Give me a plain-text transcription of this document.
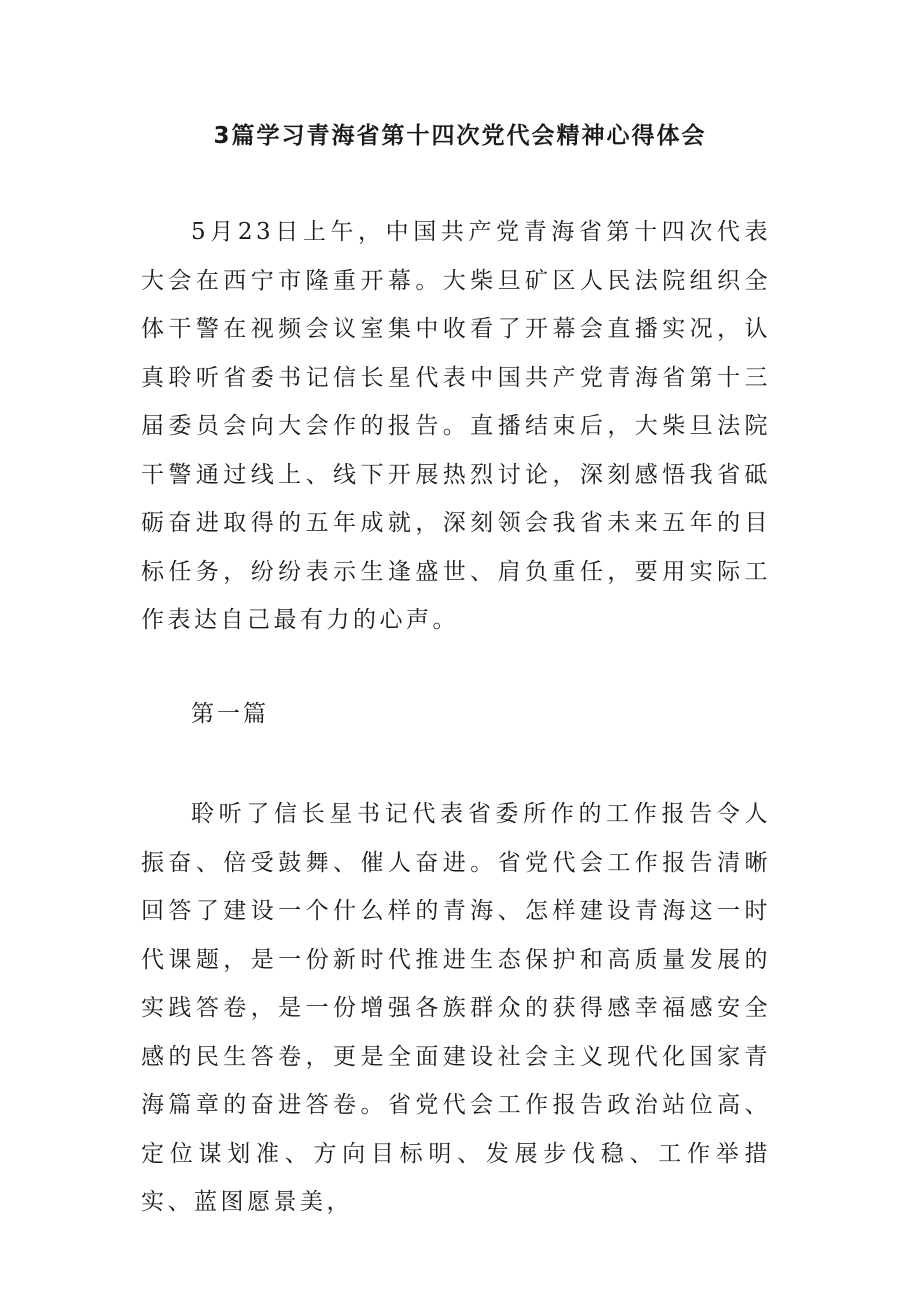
3篇学习青海省第十四次党代会精神心得体会

5月23日上午，中国共产党青海省第十四次代表大会在西宁市隆重开幕。大柴旦矿区人民法院组织全体干警在视频会议室集中收看了开幕会直播实况，认真聆听省委书记信长星代表中国共产党青海省第十三届委员会向大会作的报告。直播结束后，大柴旦法院干警通过线上、线下开展热烈讨论，深刻感悟我省砥砺奋进取得的五年成就，深刻领会我省未来五年的目标任务，纷纷表示生逢盛世、肩负重任，要用实际工作表达自己最有力的心声。

第一篇

聆听了信长星书记代表省委所作的工作报告令人振奋、倍受鼓舞、催人奋进。省党代会工作报告清晰回答了建设一个什么样的青海、怎样建设青海这一时代课题，是一份新时代推进生态保护和高质量发展的实践答卷，是一份增强各族群众的获得感幸福感安全感的民生答卷，更是全面建设社会主义现代化国家青海篇章的奋进答卷。省党代会工作报告政治站位高、定位谋划准、方向目标明、发展步伐稳、工作举措实、蓝图愿景美，
